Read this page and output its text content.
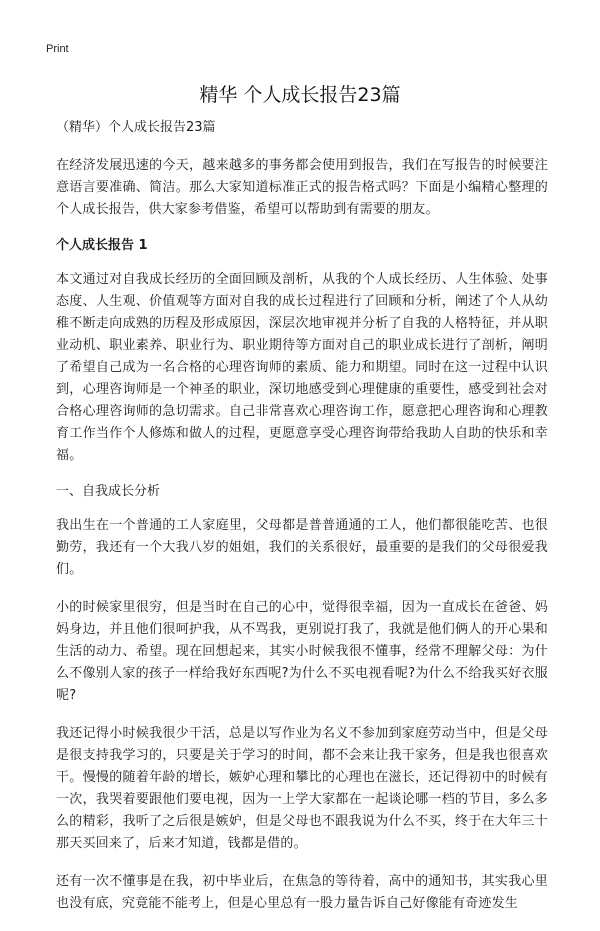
Print
精华 个人成长报告23篇
（精华）个人成长报告23篇

在经济发展迅速的今天，越来越多的事务都会使用到报告，我们在写报告的时候要注意语言要准确、简洁。那么大家知道标准正式的报告格式吗？下面是小编精心整理的个人成长报告，供大家参考借鉴，希望可以帮助到有需要的朋友。

个人成长报告 1

本文通过对自我成长经历的全面回顾及剖析，从我的个人成长经历、人生体验、处事态度、人生观、价值观等方面对自我的成长过程进行了回顾和分析，阐述了个人从幼稚不断走向成熟的历程及形成原因，深层次地审视并分析了自我的人格特征，并从职业动机、职业素养、职业行为、职业期待等方面对自己的职业成长进行了剖析，阐明了希望自己成为一名合格的心理咨询师的素质、能力和期望。同时在这一过程中认识到，心理咨询师是一个神圣的职业，深切地感受到心理健康的重要性，感受到社会对合格心理咨询师的急切需求。自己非常喜欢心理咨询工作，愿意把心理咨询和心理教育工作当作个人修炼和做人的过程，更愿意享受心理咨询带给我助人自助的快乐和幸福。

一、自我成长分析

我出生在一个普通的工人家庭里，父母都是普普通通的工人，他们都很能吃苦、也很勤劳，我还有一个大我八岁的姐姐，我们的关系很好，最重要的是我们的父母很爱我们。

小的时候家里很穷，但是当时在自己的心中，觉得很幸福，因为一直成长在爸爸、妈妈身边，并且他们很呵护我，从不骂我，更别说打我了，我就是他们俩人的开心果和生活的动力、希望。现在回想起来，其实小时候我很不懂事，经常不理解父母：为什么不像别人家的孩子一样给我好东西呢?为什么不买电视看呢?为什么不给我买好衣服呢?

我还记得小时候我很少干活，总是以写作业为名义不参加到家庭劳动当中，但是父母是很支持我学习的，只要是关于学习的时间，都不会来让我干家务，但是我也很喜欢干。慢慢的随着年龄的增长，嫉妒心理和攀比的心理也在滋长，还记得初中的时候有一次，我哭着要跟他们要电视，因为一上学大家都在一起谈论哪一档的节目，多么多么的精彩，我听了之后很是嫉妒，但是父母也不跟我说为什么不买，终于在大年三十那天买回来了，后来才知道，钱都是借的。

还有一次不懂事是在我，初中毕业后，在焦急的等待着，高中的通知书，其实我心里也没有底，究竟能不能考上，但是心里总有一股力量告诉自己好像能有奇迹发生
